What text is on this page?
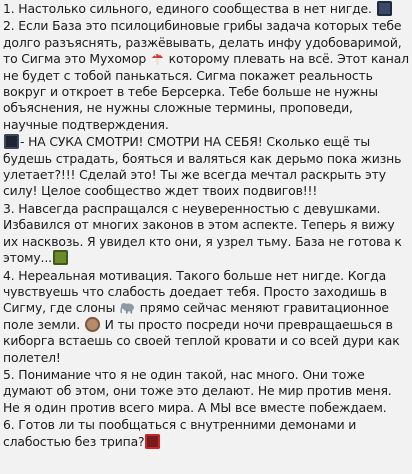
1. Настолько сильного, единого сообщества в нет нигде.
2. Если База это псилоцибиновые грибы задача которых тебе долго разъяснять, разжёвывать, делать инфу удобоваримой, то Сигма это Мухомор  которому плевать на всё. Этот канал не будет с тобой панькаться. Сигма покажет реальность вокруг и откроет в тебе Берсерка. Тебе больше не нужны объяснения, не нужны сложные термины, проповеди, научные подтверждения.
- НА СУКА СМОТРИ! СМОТРИ НА СЕБЯ! Сколько ещё ты будешь страдать, бояться и валяться как дерьмо пока жизнь улетает?!!! Сделай это! Ты же всегда мечтал раскрыть эту силу! Целое сообщество ждет твоих подвигов!!!
3. Навсегда распращался с неуверенностью с девушками. Избавился от многих законов в этом аспекте. Теперь я вижу их насквозь. Я увидел кто они, я узрел тьму. База не готова к этому...
4. Нереальная мотивация. Такого больше нет нигде. Когда чувствуешь что слабость доедает тебя. Просто заходишь в Сигму, где слоны  прямо сейчас меняют гравитационное поле земли.  И ты просто посреди ночи превращаешься в киборга встаешь со своей теплой кровати и со всей дури как полетел!
5. Понимание что я не один такой, нас много. Они тоже думают об этом, они тоже это делают. Не мир против меня. Не я один против всего мира. А МЫ все вместе побеждаем.
6. Готов ли ты пообщаться с внутренними демонами и слабостью без трипа?
